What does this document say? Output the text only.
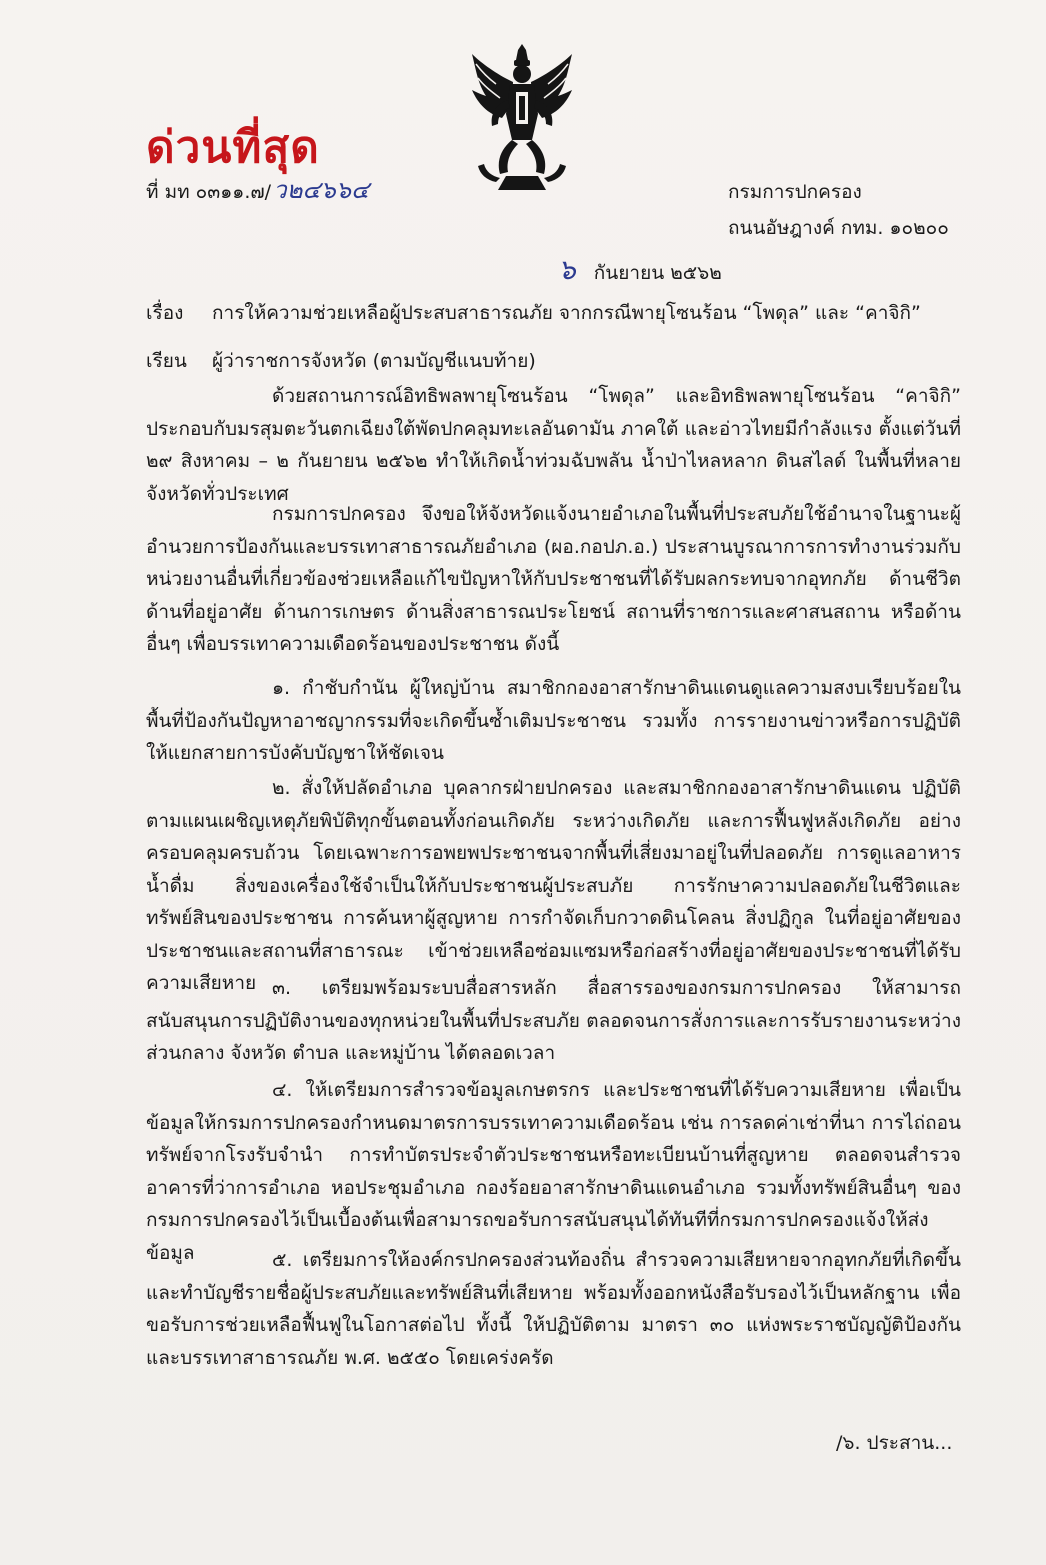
ด่วนที่สุด
ที่ มท ๐๓๑๑.๗/ว๒๔๖๖๔	กรมการปกครอง
ถนนอัษฎางค์ กทม. ๑๐๒๐๐
๖ กันยายน ๒๕๖๒
เรื่อง การให้ความช่วยเหลือผู้ประสบสาธารณภัย จากกรณีพายุโซนร้อน “โพดุล” และ “คาจิกิ”
เรียน ผู้ว่าราชการจังหวัด (ตามบัญชีแนบท้าย)

ด้วยสถานการณ์อิทธิพลพายุโซนร้อน “โพดุล” และอิทธิพลพายุโซนร้อน “คาจิกิ” ประกอบกับมรสุมตะวันตกเฉียงใต้พัดปกคลุมทะเลอันดามัน ภาคใต้ และอ่าวไทยมีกำลังแรง ตั้งแต่วันที่ ๒๙ สิงหาคม – ๒ กันยายน ๒๕๖๒ ทำให้เกิดน้ำท่วมฉับพลัน น้ำป่าไหลหลาก ดินสไลด์ ในพื้นที่หลายจังหวัดทั่วประเทศ

กรมการปกครอง จึงขอให้จังหวัดแจ้งนายอำเภอในพื้นที่ประสบภัยใช้อำนาจในฐานะผู้อำนวยการป้องกันและบรรเทาสาธารณภัยอำเภอ (ผอ.กอปภ.อ.) ประสานบูรณาการการทำงานร่วมกับหน่วยงานอื่นที่เกี่ยวข้องช่วยเหลือแก้ไขปัญหาให้กับประชาชนที่ได้รับผลกระทบจากอุทกภัย ด้านชีวิต ด้านที่อยู่อาศัย ด้านการเกษตร ด้านสิ่งสาธารณประโยชน์ สถานที่ราชการและศาสนสถาน หรือด้านอื่นๆ เพื่อบรรเทาความเดือดร้อนของประชาชน ดังนี้

๑. กำชับกำนัน ผู้ใหญ่บ้าน สมาชิกกองอาสารักษาดินแดนดูแลความสงบเรียบร้อยในพื้นที่ป้องกันปัญหาอาชญากรรมที่จะเกิดขึ้นซ้ำเติมประชาชน รวมทั้ง การรายงานข่าวหรือการปฏิบัติให้แยกสายการบังคับบัญชาให้ชัดเจน

๒. สั่งให้ปลัดอำเภอ บุคลากรฝ่ายปกครอง และสมาชิกกองอาสารักษาดินแดน ปฏิบัติตามแผนเผชิญเหตุภัยพิบัติทุกขั้นตอนทั้งก่อนเกิดภัย ระหว่างเกิดภัย และการฟื้นฟูหลังเกิดภัย อย่างครอบคลุมครบถ้วน โดยเฉพาะการอพยพประชาชนจากพื้นที่เสี่ยงมาอยู่ในที่ปลอดภัย การดูแลอาหาร น้ำดื่ม สิ่งของเครื่องใช้จำเป็นให้กับประชาชนผู้ประสบภัย การรักษาความปลอดภัยในชีวิตและทรัพย์สินของประชาชน การค้นหาผู้สูญหาย การกำจัดเก็บกวาดดินโคลน สิ่งปฏิกูล ในที่อยู่อาศัยของประชาชนและสถานที่สาธารณะ เข้าช่วยเหลือซ่อมแซมหรือก่อสร้างที่อยู่อาศัยของประชาชนที่ได้รับความเสียหาย ๓. เตรียมพร้อมระบบสื่อสารหลัก สื่อสารรองของกรมการปกครอง ให้สามารถสนับสนุนการปฏิบัติงานของทุกหน่วยในพื้นที่ประสบภัย ตลอดจนการสั่งการและการรับรายงานระหว่างส่วนกลาง จังหวัด ตำบล และหมู่บ้าน ได้ตลอดเวลา

๔. ให้เตรียมการสำรวจข้อมูลเกษตรกร และประชาชนที่ได้รับความเสียหาย เพื่อเป็นข้อมูลให้กรมการปกครองกำหนดมาตรการบรรเทาความเดือดร้อน เช่น การลดค่าเช่าที่นา การไถ่ถอนทรัพย์จากโรงรับจำนำ การทำบัตรประจำตัวประชาชนหรือทะเบียนบ้านที่สูญหาย ตลอดจนสำรวจอาคารที่ว่าการอำเภอ หอประชุมอำเภอ กองร้อยอาสารักษาดินแดนอำเภอ รวมทั้งทรัพย์สินอื่นๆ ของกรมการปกครองไว้เป็นเบื้องต้นเพื่อสามารถขอรับการสนับสนุนได้ทันทีที่กรมการปกครองแจ้งให้ส่งข้อมูล	๕. เตรียมการให้องค์กรปกครองส่วนท้องถิ่น สำรวจความเสียหายจากอุทกภัยที่เกิดขึ้น และทำบัญชีรายชื่อผู้ประสบภัยและทรัพย์สินที่เสียหาย พร้อมทั้งออกหนังสือรับรองไว้เป็นหลักฐาน เพื่อขอรับการช่วยเหลือฟื้นฟูในโอกาสต่อไป ทั้งนี้ ให้ปฏิบัติตาม มาตรา ๓๐ แห่งพระราชบัญญัติป้องกันและบรรเทาสาธารณภัย พ.ศ. ๒๕๕๐ โดยเคร่งครัด

/๖. ประสาน...
